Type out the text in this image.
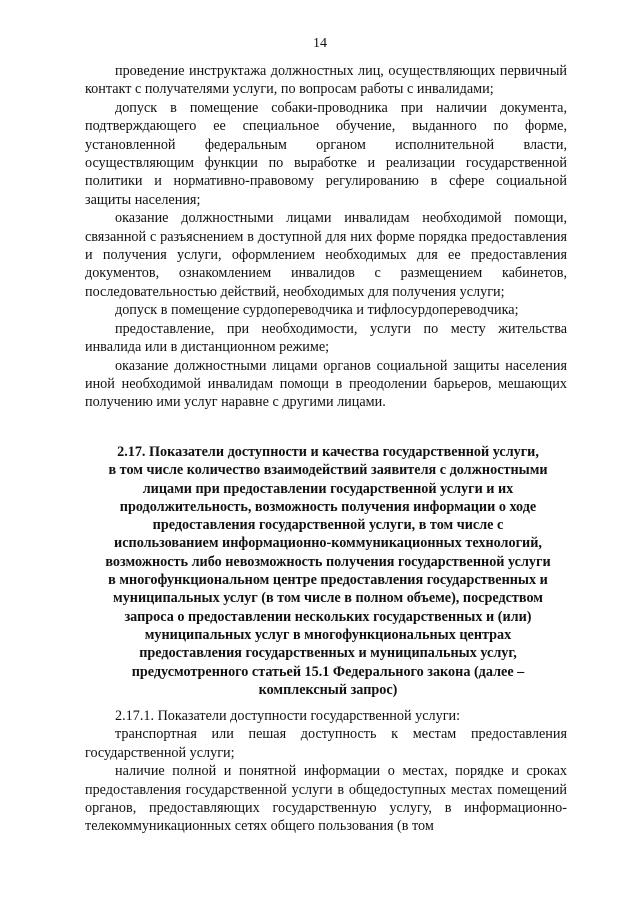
14

проведение инструктажа должностных лиц, осуществляющих первичный контакт с получателями услуги, по вопросам работы с инвалидами;

допуск в помещение собаки-проводника при наличии документа, подтверждающего ее специальное обучение, выданного по форме, установленной федеральным органом исполнительной власти, осуществляющим функции по выработке и реализации государственной политики и нормативно-правовому регулированию в сфере социальной защиты населения;

оказание должностными лицами инвалидам необходимой помощи, связанной с разъяснением в доступной для них форме порядка предоставления и получения услуги, оформлением необходимых для ее предоставления документов, ознакомлением инвалидов с размещением кабинетов, последовательностью действий, необходимых для получения услуги;

допуск в помещение сурдопереводчика и тифлосурдопереводчика;

предоставление, при необходимости, услуги по месту жительства инвалида или в дистанционном режиме;

оказание должностными лицами органов социальной защиты населения иной необходимой инвалидам помощи в преодолении барьеров, мешающих получению ими услуг наравне с другими лицами.

2.17. Показатели доступности и качества государственной услуги,
в том числе количество взаимодействий заявителя с должностными
лицами при предоставлении государственной услуги и их
продолжительность, возможность получения информации о ходе
предоставления государственной услуги, в том числе с
использованием информационно-коммуникационных технологий,
возможность либо невозможность получения государственной услуги
в многофункциональном центре предоставления государственных и
муниципальных услуг (в том числе в полном объеме), посредством
запроса о предоставлении нескольких государственных и (или)
муниципальных услуг в многофункциональных центрах
предоставления государственных и муниципальных услуг,
предусмотренного статьей 15.1 Федерального закона (далее –
комплексный запрос)

2.17.1. Показатели доступности государственной услуги:

транспортная или пешая доступность к местам предоставления государственной услуги;

наличие полной и понятной информации о местах, порядке и сроках предоставления государственной услуги в общедоступных местах помещений органов, предоставляющих государственную услугу, в информационно-телекоммуникационных сетях общего пользования (в том
